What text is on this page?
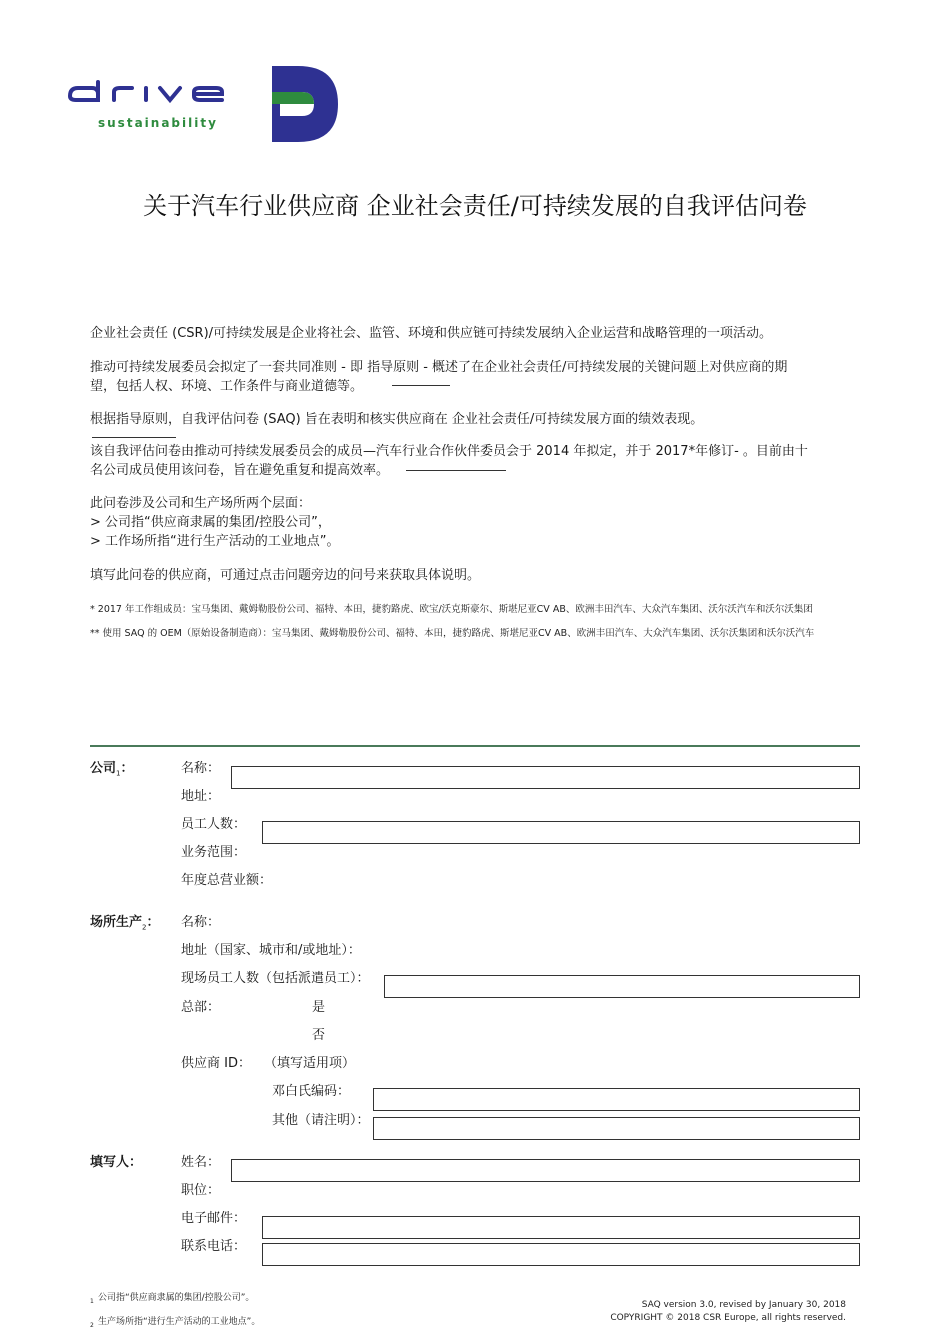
sustainability
关于汽车行业供应商 企业社会责任/可持续发展的自我评估问卷
企业社会责任 (CSR)/可持续发展是企业将社会、监管、环境和供应链可持续发展纳入企业运营和战略管理的一项活动。
推动可持续发展委员会拟定了一套共同准则 - 即 指导原则 - 概述了在企业社会责任/可持续发展的关键问题上对供应商的期
望，包括人权、环境、工作条件与商业道德等。
根据指导原则，自我评估问卷 (SAQ) 旨在表明和核实供应商在 企业社会责任/可持续发展方面的绩效表现。
该自我评估问卷由推动可持续发展委员会的成员—汽车行业合作伙伴委员会于 2014 年拟定，并于 2017*年修订- 。目前由十
名公司成员使用该问卷，旨在避免重复和提高效率。
此问卷涉及公司和生产场所两个层面：
> 公司指“供应商隶属的集团/控股公司”，
> 工作场所指“进行生产活动的工业地点”。
填写此问卷的供应商，可通过点击问题旁边的问号来获取具体说明。
* 2017 年工作组成员：宝马集团、戴姆勒股份公司、福特、本田，捷豹路虎、欧宝/沃克斯豪尔、斯堪尼亚CV AB、欧洲丰田汽车、大众汽车集团、沃尔沃汽车和沃尔沃集团
** 使用 SAQ 的 OEM（原始设备制造商）：宝马集团、戴姆勒股份公司、福特、本田，捷豹路虎、斯堪尼亚CV AB、欧洲丰田汽车、大众汽车集团、沃尔沃集团和沃尔沃汽车
公司$_1$：	名称：
地址：
员工人数：
业务范围：
年度总营业额：
场所生产$_2$： 名称：
地址（国家、城市和/或地址）：
现场员工人数（包括派遣员工）：
总部：	是
否
供应商 ID： （填写适用项）
邓白氏编码：
其他（请注明）：
填写人：	姓名：
职位：
电子邮件：
联系电话：
1 公司指“供应商隶属的集团/控股公司”。
2 生产场所指“进行生产活动的工业地点”。
SAQ version 3.0, revised by January 30, 2018
COPYRIGHT © 2018 CSR Europe, all rights reserved.
